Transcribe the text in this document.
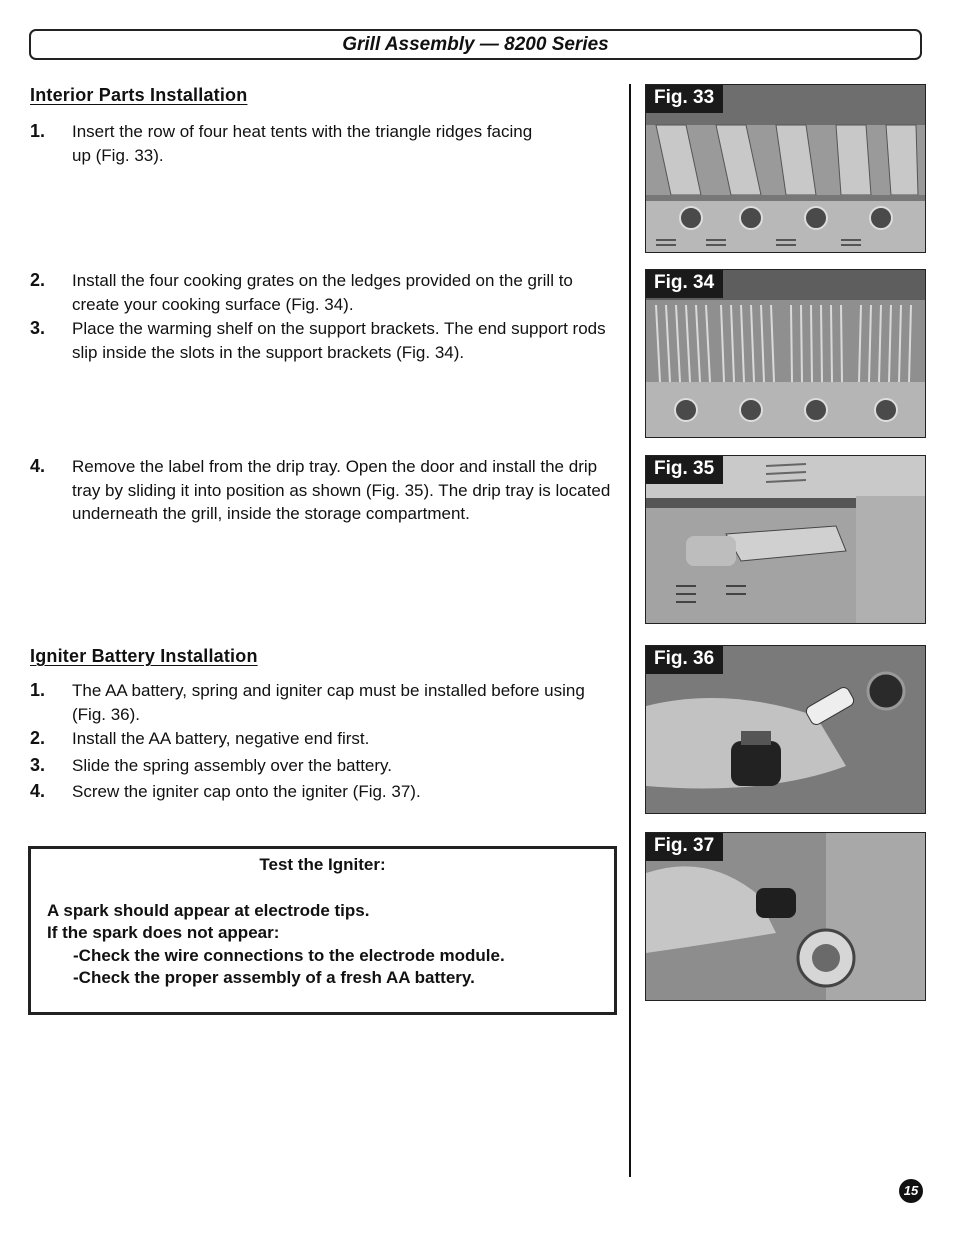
Grill Assembly — 8200 Series
Interior Parts Installation
1. Insert the row of four heat tents with the triangle ridges facing up (Fig. 33).
2. Install the four cooking grates on the ledges provided on the grill to create your cooking surface (Fig. 34).
3. Place the warming shelf on the support brackets. The end support rods slip inside the slots in the support brackets (Fig. 34).
4. Remove the label from the drip tray. Open the door and install the drip tray by sliding it into position as shown (Fig. 35). The drip tray is located underneath the grill, inside the storage compartment.
Igniter Battery Installation
1. The AA battery, spring and igniter cap must be installed before using (Fig. 36).
2. Install the AA battery, negative end first.
3. Slide the spring assembly over the battery.
4. Screw the igniter cap onto the igniter (Fig. 37).
Test the Igniter:
A spark should appear at electrode tips.
If the spark does not appear:
-Check the wire connections to the electrode module.
-Check the proper assembly of a fresh AA battery.
Fig. 33
Fig. 34
Fig. 35
Fig. 36
Fig. 37
15
